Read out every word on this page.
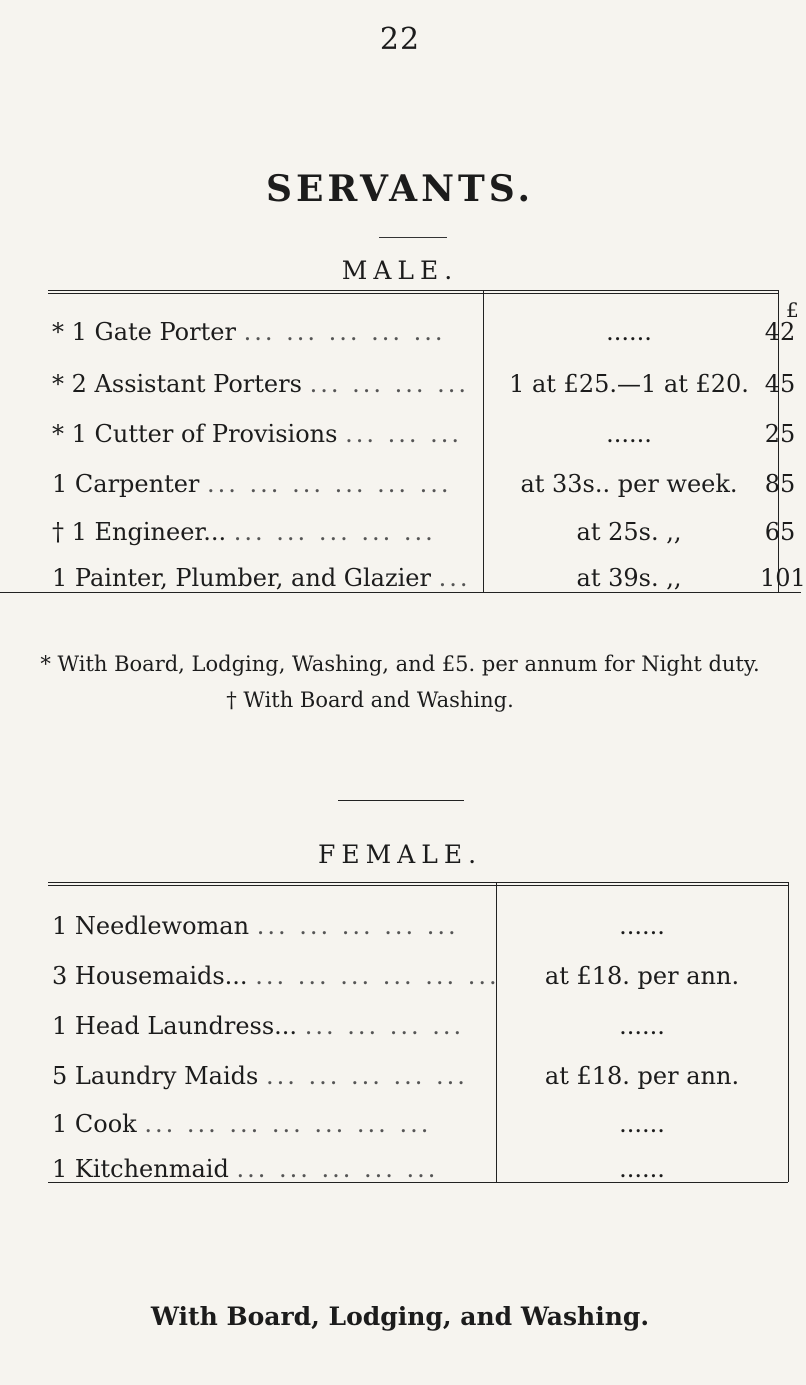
22
SERVANTS.
MALE.
£
* 1 Gate Porter ... ... ... ... ...	......	42
* 2 Assistant Porters ... ... ... ...	1 at £25.—1 at £20. 45
* 1 Cutter of Provisions ... ... ...	......	25
1 Carpenter ... ... ... ... ... ...	at 33s.. per week.	85
† 1 Engineer... ... ... ... ... ...	at 25s. ,,	65
1 Painter, Plumber, and Glazier ...	at 39s. ,,	101
* With Board, Lodging, Washing, and £5. per annum for Night duty.
† With Board and Washing.
FEMALE.
1 Needlewoman ... ... ... ... ...	......
3 Housemaids... ... ... ... ... ... ...	at £18. per ann.
1 Head Laundress... ... ... ... ...	......
5 Laundry Maids ... ... ... ... ...	at £18. per ann.
1 Cook ... ... ... ... ... ... ...	......
1 Kitchenmaid ... ... ... ... ...	......
With Board, Lodging, and Washing.
